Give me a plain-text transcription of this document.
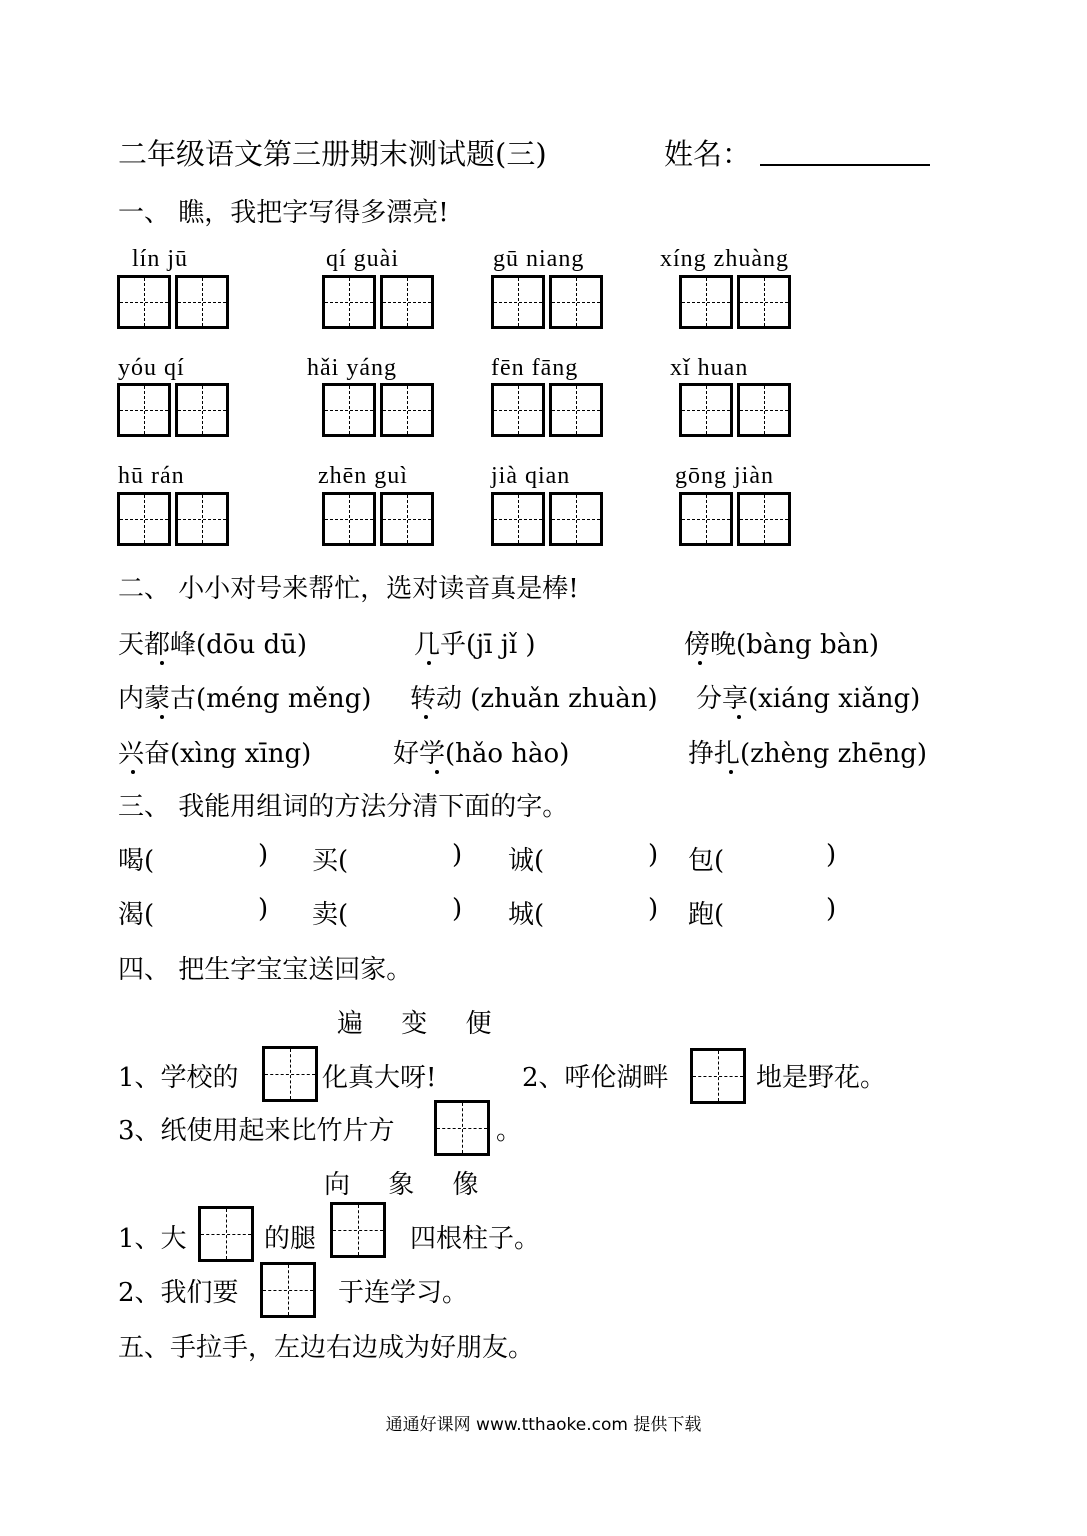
二年级语文第三册期末测试题(三)	姓名：
一、 瞧，我把字写得多漂亮!
lín jū	qí guài	gū niang	xíng zhuàng
yóu qí	hǎi yáng	fēn fāng	xǐ huan
hū rán	zhēn guì	jià qian	gōng jiàn
二、 小小对号来帮忙，选对读音真是棒!
天都峰(dōu dū)	几乎(jī jǐ )	傍晚(bàng bàn)
内蒙古(méng měng) 转动 (zhuǎn zhuàn) 分享(xiáng xiǎng)
兴奋(xìng xīng)	好学(hǎo hào)	挣扎(zhèng zhēng)
三、 我能用组词的方法分清下面的字。
喝(	) 买(	) 诚(	) 包(	)
渴(	) 卖(	) 城(	) 跑(	)
四、 把生字宝宝送回家。
遍 变 便
1、学校的	化真大呀!	2、呼伦湖畔	地是野花。
3、纸使用起来比竹片方	。
向 象 像
1、大	的腿	四根柱子。
2、我们要	于连学习。
五、手拉手，左边右边成为好朋友。
通通好课网 www.tthaoke.com 提供下载
